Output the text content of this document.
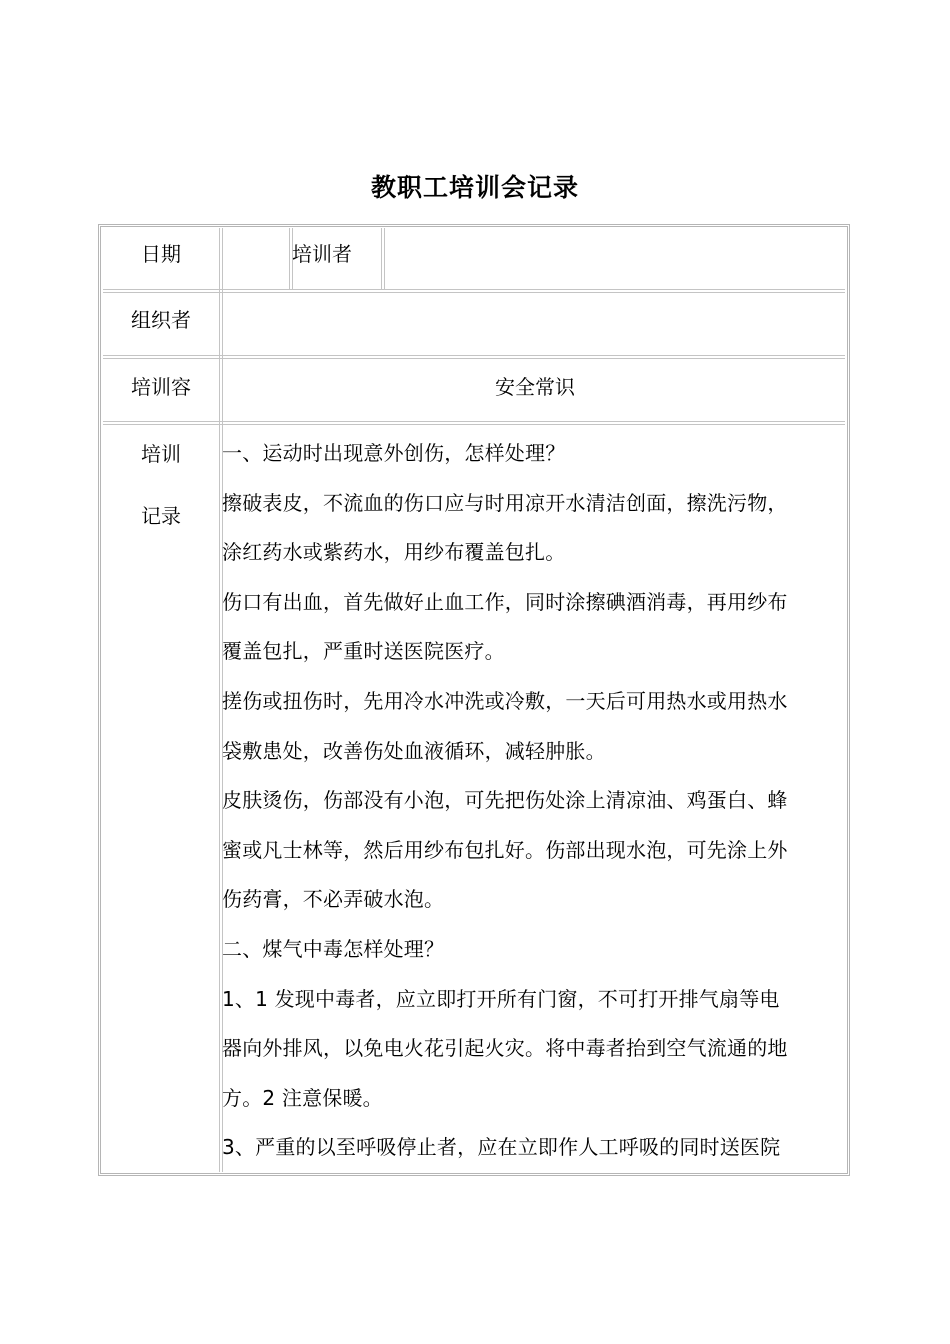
教职工培训会记录
日期	培训者
组织者
培训容	安全常识
培训
记录

一、运动时出现意外创伤，怎样处理？

擦破表皮，不流血的伤口应与时用凉开水清洁创面，擦洗污物，

涂红药水或紫药水，用纱布覆盖包扎。

伤口有出血，首先做好止血工作，同时涂擦碘酒消毒，再用纱布

覆盖包扎，严重时送医院医疗。

搓伤或扭伤时，先用冷水冲洗或冷敷，一天后可用热水或用热水

袋敷患处，改善伤处血液循环，减轻肿胀。

皮肤烫伤，伤部没有小泡，可先把伤处涂上清凉油、鸡蛋白、蜂

蜜或凡士林等，然后用纱布包扎好。伤部出现水泡，可先涂上外

伤药膏，不必弄破水泡。

二、煤气中毒怎样处理？

1、1 发现中毒者，应立即打开所有门窗，不可打开排气扇等电

器向外排风，以免电火花引起火灾。将中毒者抬到空气流通的地

方。2 注意保暖。

3、严重的以至呼吸停止者，应在立即作人工呼吸的同时送医院
